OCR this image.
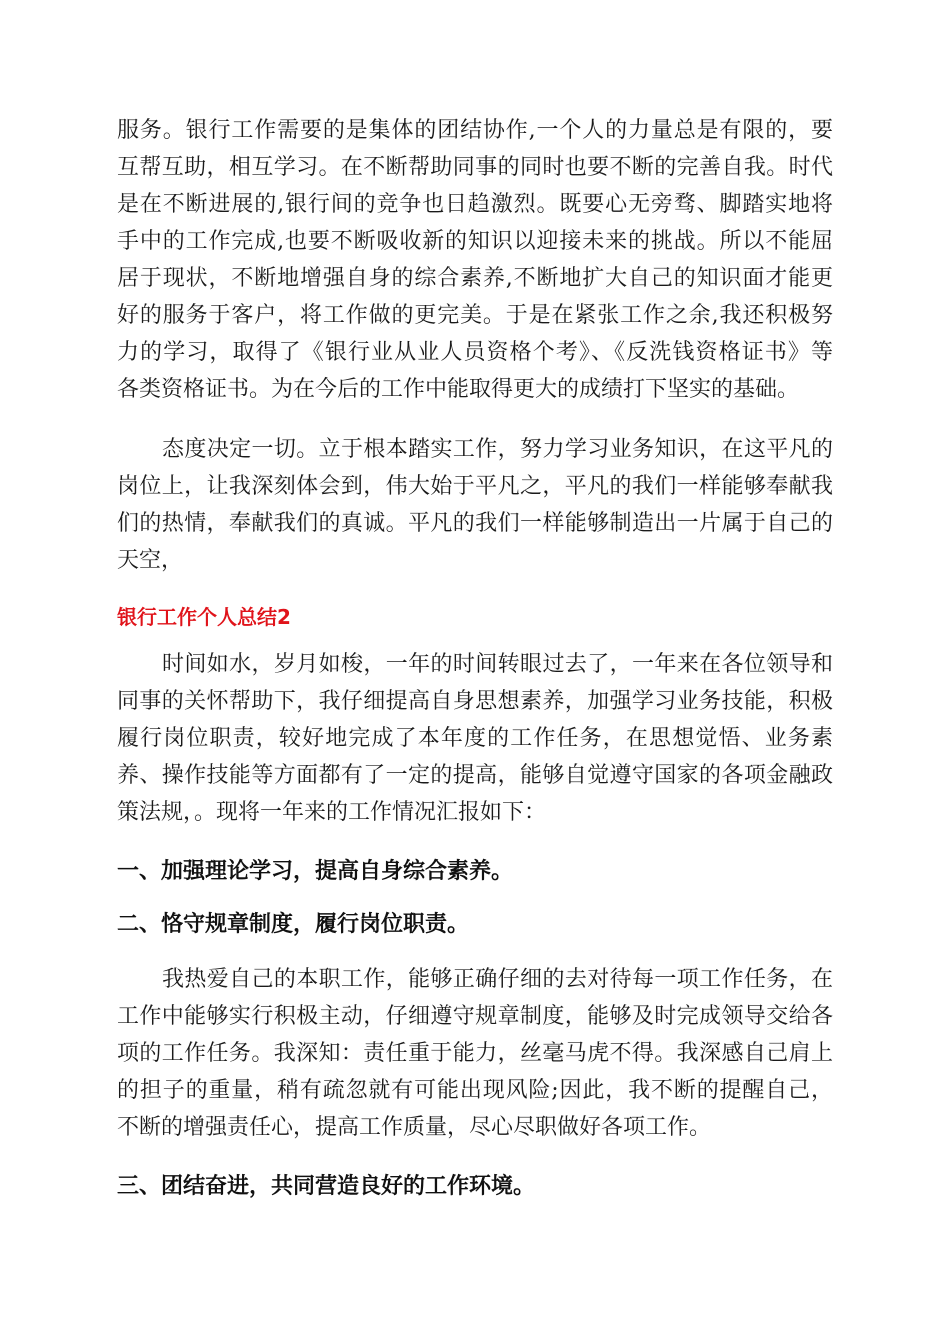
服务。银行工作需要的是集体的团结协作,一个人的力量总是有限的，要
互帮互助，相互学习。在不断帮助同事的同时也要不断的完善自我。时代
是在不断进展的,银行间的竞争也日趋激烈。既要心无旁骛、脚踏实地将
手中的工作完成,也要不断吸收新的知识以迎接未来的挑战。所以不能屈
居于现状，不断地增强自身的综合素养,不断地扩大自己的知识面才能更
好的服务于客户，将工作做的更完美。于是在紧张工作之余,我还积极努
力的学习，取得了《银行业从业人员资格个考》、《反洗钱资格证书》等
各类资格证书。为在今后的工作中能取得更大的成绩打下坚实的基础。
态度决定一切。立于根本踏实工作，努力学习业务知识，在这平凡的
岗位上，让我深刻体会到，伟大始于平凡之，平凡的我们一样能够奉献我
们的热情，奉献我们的真诚。平凡的我们一样能够制造出一片属于自己的
天空，
银行工作个人总结2
时间如水，岁月如梭，一年的时间转眼过去了，一年来在各位领导和
同事的关怀帮助下，我仔细提高自身思想素养，加强学习业务技能，积极
履行岗位职责，较好地完成了本年度的工作任务，在思想觉悟、业务素
养、操作技能等方面都有了一定的提高，能够自觉遵守国家的各项金融政
策法规，。现将一年来的工作情况汇报如下：
一、加强理论学习，提高自身综合素养。
二、恪守规章制度，履行岗位职责。
我热爱自己的本职工作，能够正确仔细的去对待每一项工作任务，在
工作中能够实行积极主动，仔细遵守规章制度，能够及时完成领导交给各
项的工作任务。我深知：责任重于能力，丝毫马虎不得。我深感自己肩上
的担子的重量，稍有疏忽就有可能出现风险;因此，我不断的提醒自己，
不断的增强责任心，提高工作质量，尽心尽职做好各项工作。
三、团结奋进，共同营造良好的工作环境。
